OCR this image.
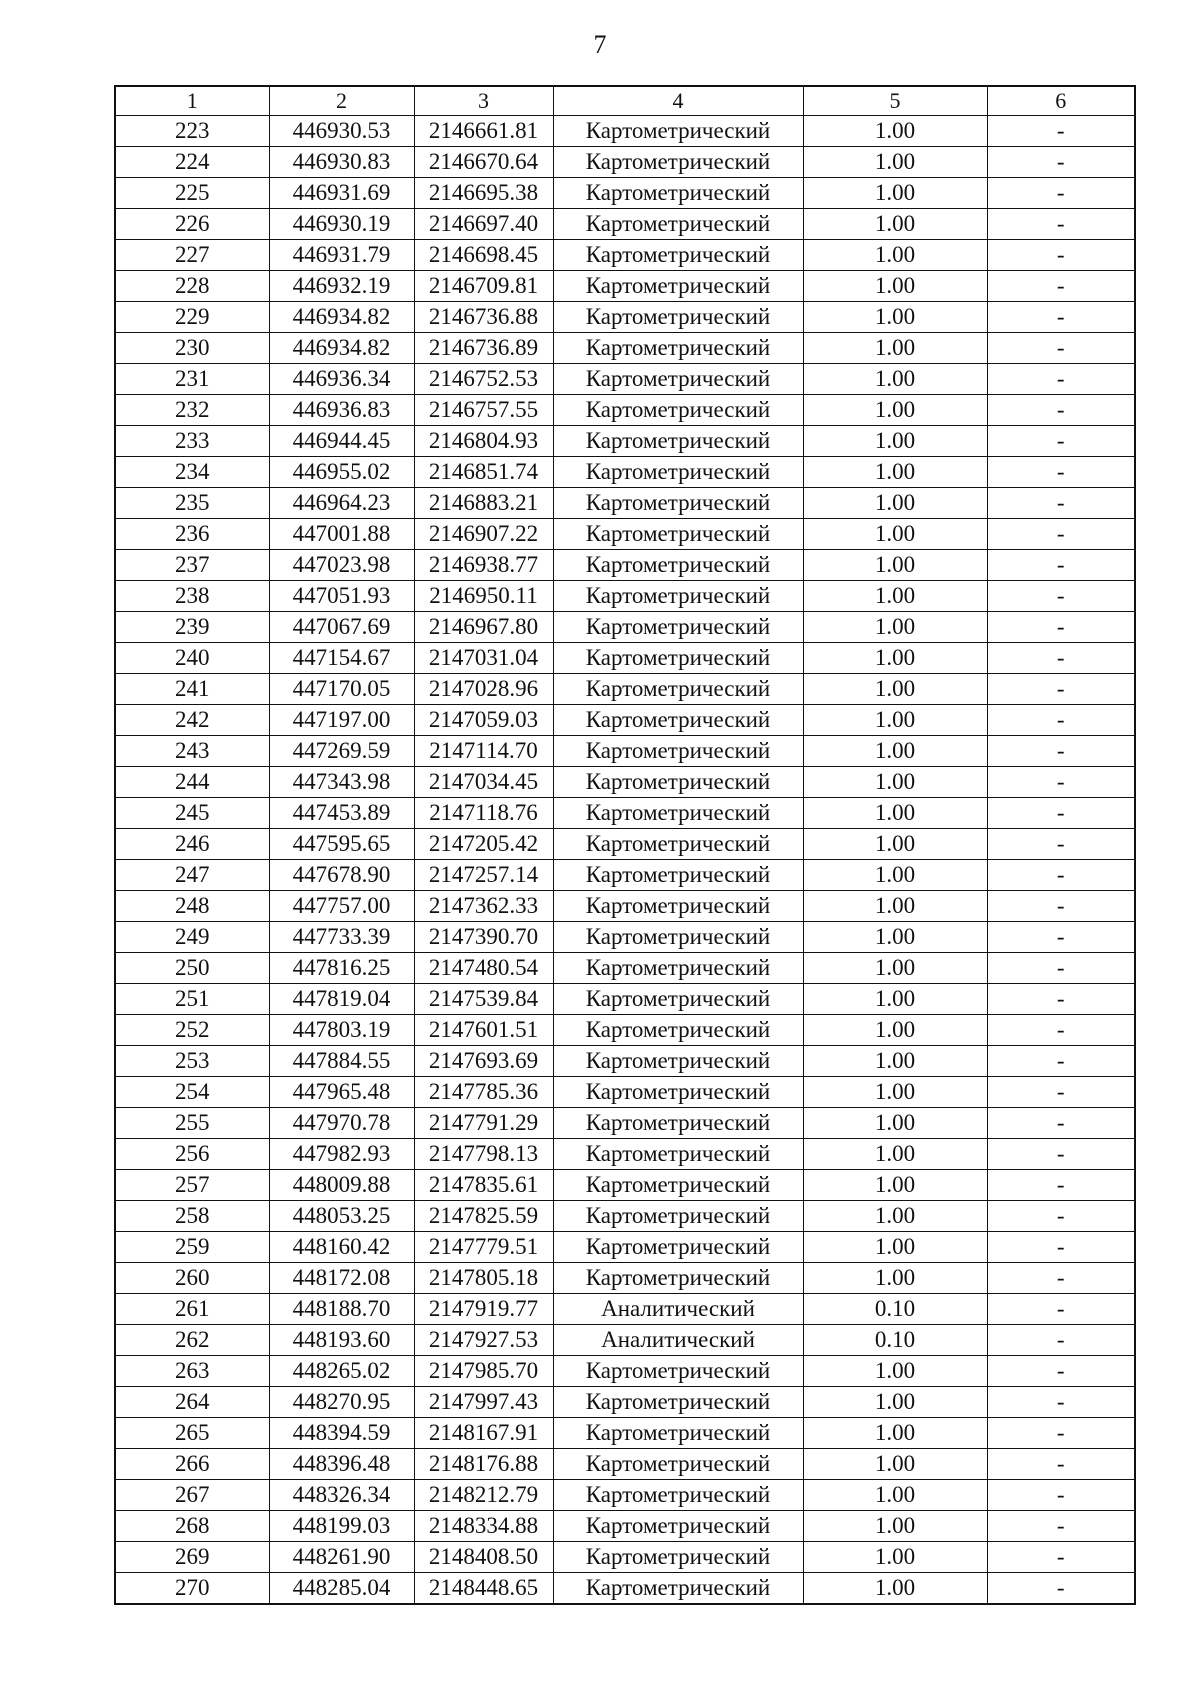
7
1	2	3	4	5	6
223	446930.53	2146661.81	Картометрический	1.00	-
224	446930.83	2146670.64	Картометрический	1.00	-
225	446931.69	2146695.38	Картометрический	1.00	-
226	446930.19	2146697.40	Картометрический	1.00	-
227	446931.79	2146698.45	Картометрический	1.00	-
228	446932.19	2146709.81	Картометрический	1.00	-
229	446934.82	2146736.88	Картометрический	1.00	-
230	446934.82	2146736.89	Картометрический	1.00	-
231	446936.34	2146752.53	Картометрический	1.00	-
232	446936.83	2146757.55	Картометрический	1.00	-
233	446944.45	2146804.93	Картометрический	1.00	-
234	446955.02	2146851.74	Картометрический	1.00	-
235	446964.23	2146883.21	Картометрический	1.00	-
236	447001.88	2146907.22	Картометрический	1.00	-
237	447023.98	2146938.77	Картометрический	1.00	-
238	447051.93	2146950.11	Картометрический	1.00	-
239	447067.69	2146967.80	Картометрический	1.00	-
240	447154.67	2147031.04	Картометрический	1.00	-
241	447170.05	2147028.96	Картометрический	1.00	-
242	447197.00	2147059.03	Картометрический	1.00	-
243	447269.59	2147114.70	Картометрический	1.00	-
244	447343.98	2147034.45	Картометрический	1.00	-
245	447453.89	2147118.76	Картометрический	1.00	-
246	447595.65	2147205.42	Картометрический	1.00	-
247	447678.90	2147257.14	Картометрический	1.00	-
248	447757.00	2147362.33	Картометрический	1.00	-
249	447733.39	2147390.70	Картометрический	1.00	-
250	447816.25	2147480.54	Картометрический	1.00	-
251	447819.04	2147539.84	Картометрический	1.00	-
252	447803.19	2147601.51	Картометрический	1.00	-
253	447884.55	2147693.69	Картометрический	1.00	-
254	447965.48	2147785.36	Картометрический	1.00	-
255	447970.78	2147791.29	Картометрический	1.00	-
256	447982.93	2147798.13	Картометрический	1.00	-
257	448009.88	2147835.61	Картометрический	1.00	-
258	448053.25	2147825.59	Картометрический	1.00	-
259	448160.42	2147779.51	Картометрический	1.00	-
260	448172.08	2147805.18	Картометрический	1.00	-
261	448188.70	2147919.77	Аналитический	0.10	-
262	448193.60	2147927.53	Аналитический	0.10	-
263	448265.02	2147985.70	Картометрический	1.00	-
264	448270.95	2147997.43	Картометрический	1.00	-
265	448394.59	2148167.91	Картометрический	1.00	-
266	448396.48	2148176.88	Картометрический	1.00	-
267	448326.34	2148212.79	Картометрический	1.00	-
268	448199.03	2148334.88	Картометрический	1.00	-
269	448261.90	2148408.50	Картометрический	1.00	-
270	448285.04	2148448.65	Картометрический	1.00	-
